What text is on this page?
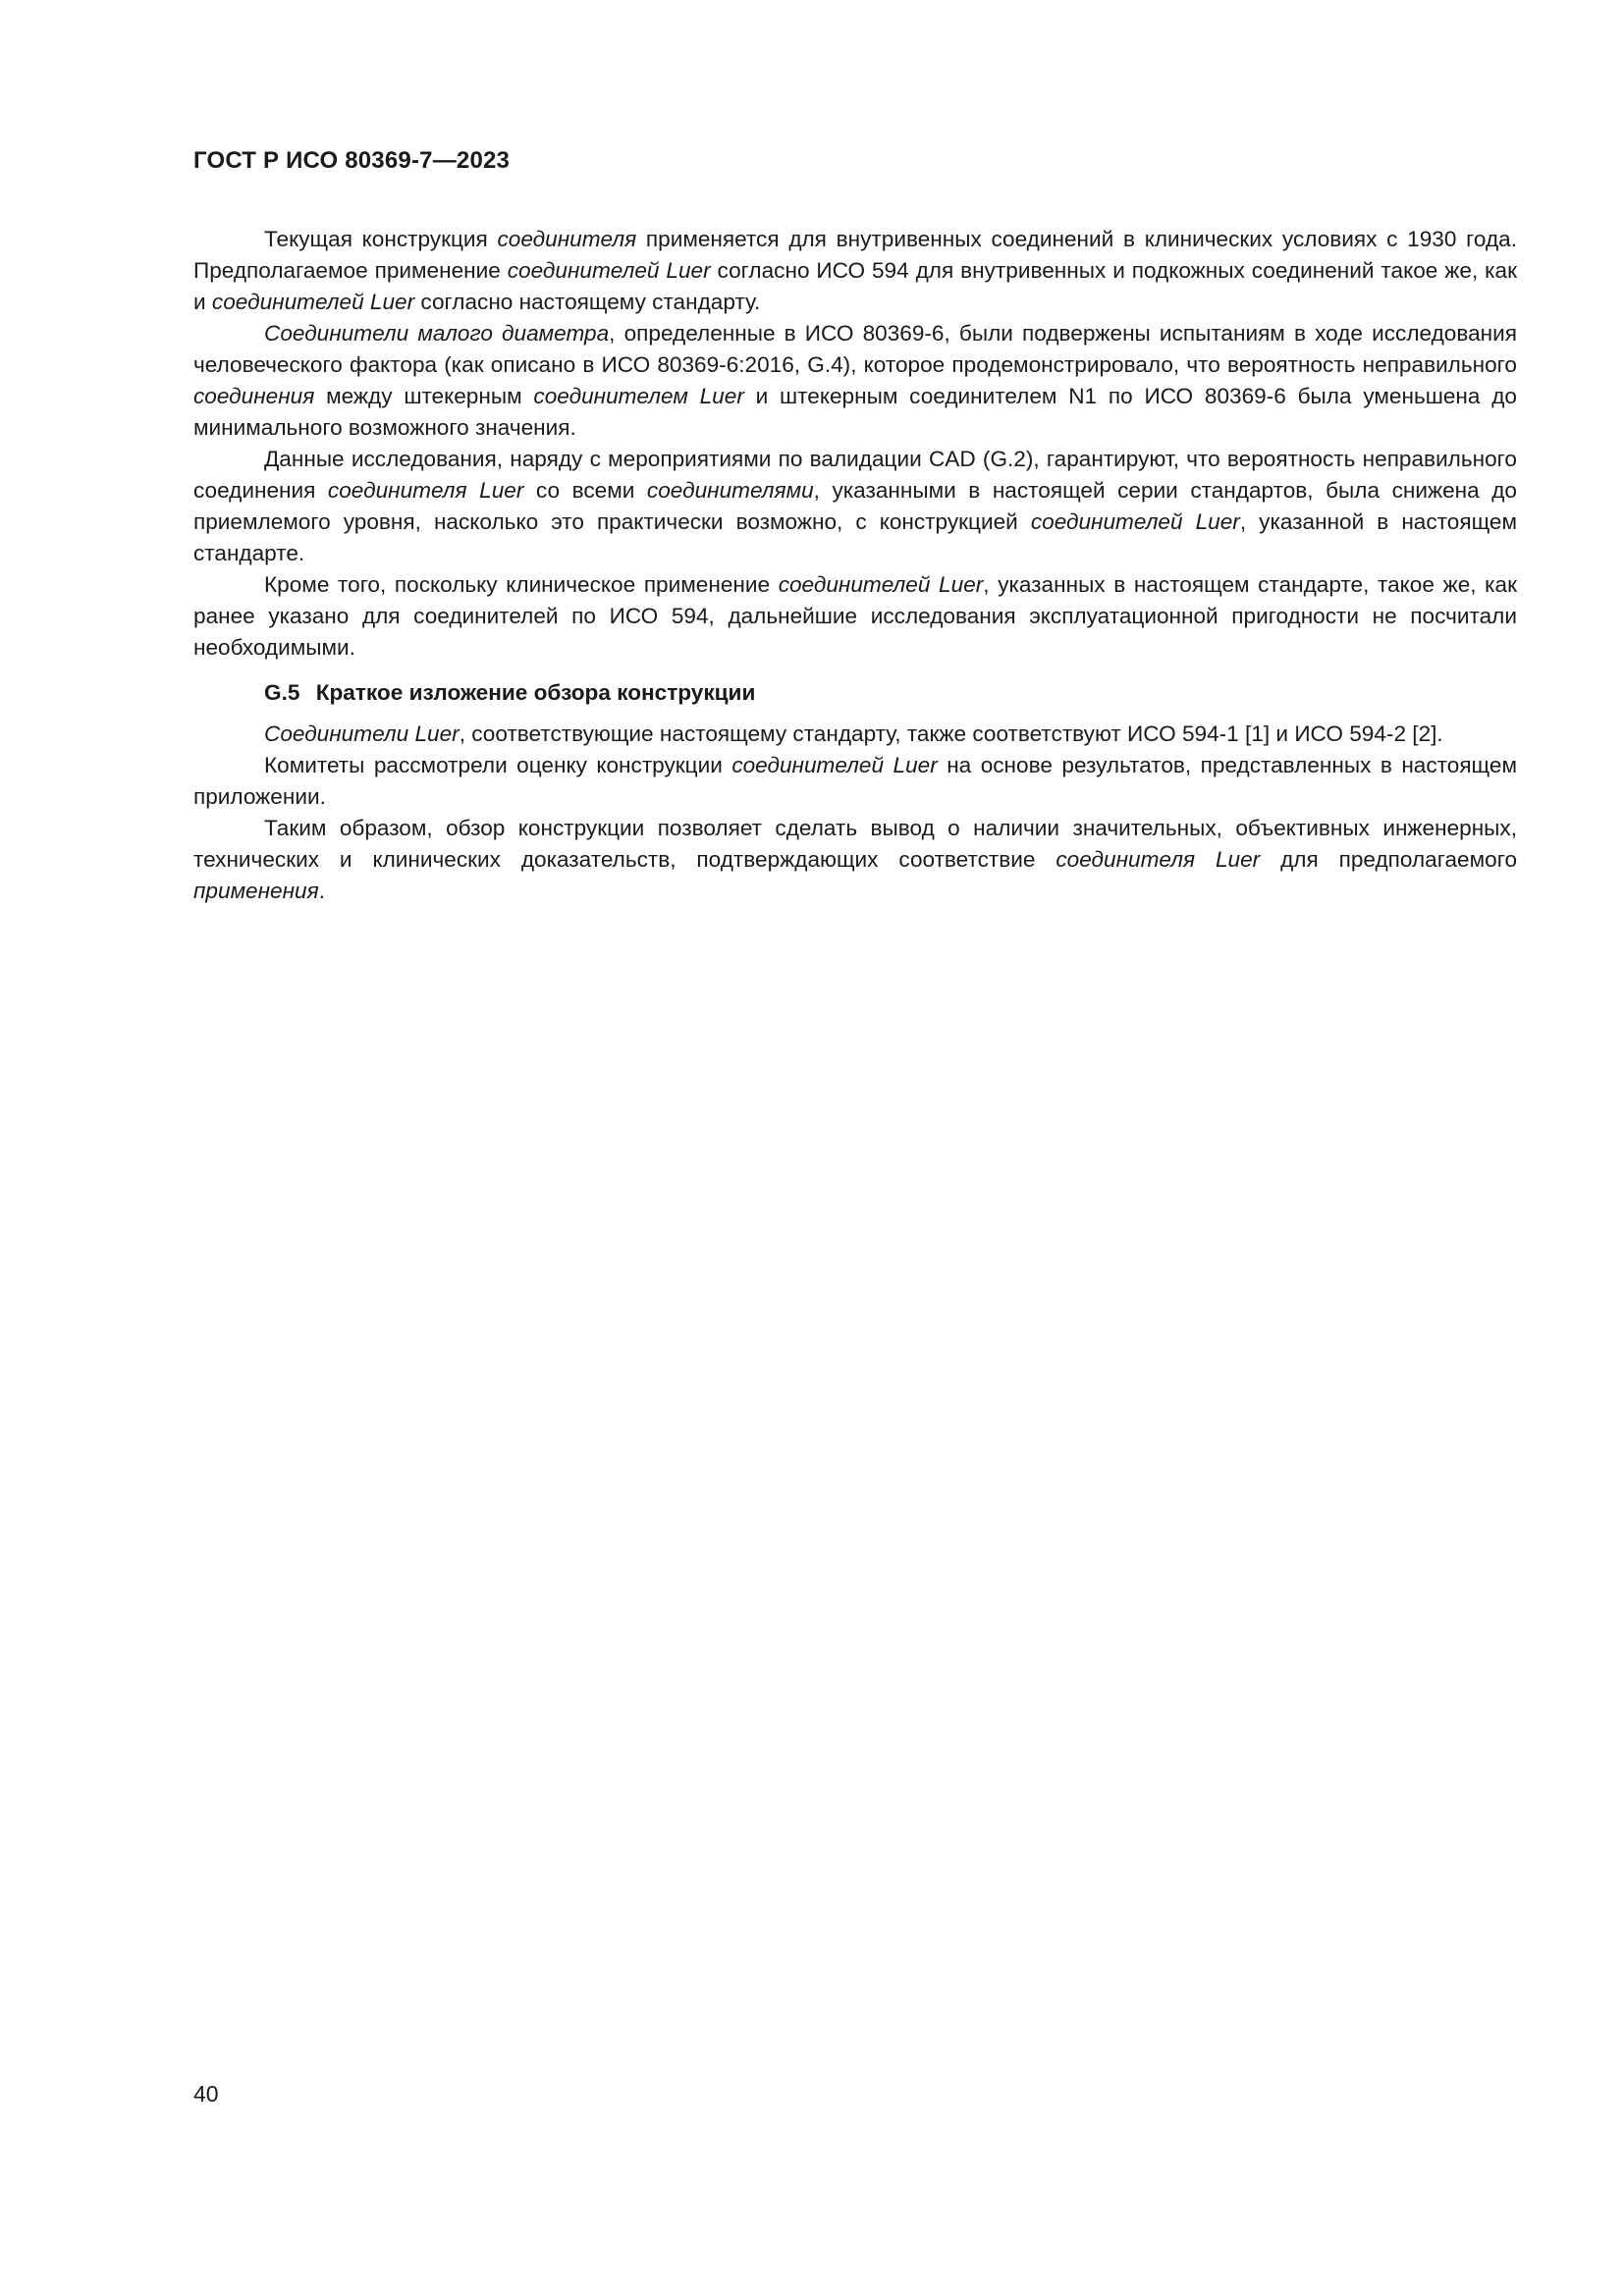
ГОСТ Р ИСО 80369-7—2023

Текущая конструкция соединителя применяется для внутривенных соединений в клинических условиях с 1930 года. Предполагаемое применение соединителей Luer согласно ИСО 594 для внутривенных и подкожных соединений такое же, как и соединителей Luer согласно настоящему стандарту.

Соединители малого диаметра, определенные в ИСО 80369-6, были подвержены испытаниям в ходе исследования человеческого фактора (как описано в ИСО 80369-6:2016, G.4), которое продемонстрировало, что вероятность неправильного соединения между штекерным соединителем Luer и штекерным соединителем N1 по ИСО 80369-6 была уменьшена до минимального возможного значения.

Данные исследования, наряду с мероприятиями по валидации CAD (G.2), гарантируют, что вероятность неправильного соединения соединителя Luer со всеми соединителями, указанными в настоящей серии стандартов, была снижена до приемлемого уровня, насколько это практически возможно, с конструкцией соединителей Luer, указанной в настоящем стандарте.

Кроме того, поскольку клиническое применение соединителей Luer, указанных в настоящем стандарте, такое же, как ранее указано для соединителей по ИСО 594, дальнейшие исследования эксплуатационной пригодности не посчитали необходимыми.

G.5 Краткое изложение обзора конструкции

Соединители Luer, соответствующие настоящему стандарту, также соответствуют ИСО 594-1 [1] и ИСО 594-2 [2].

Комитеты рассмотрели оценку конструкции соединителей Luer на основе результатов, представленных в настоящем приложении.

Таким образом, обзор конструкции позволяет сделать вывод о наличии значительных, объективных инженерных, технических и клинических доказательств, подтверждающих соответствие соединителя Luer для предполагаемого применения.

40
